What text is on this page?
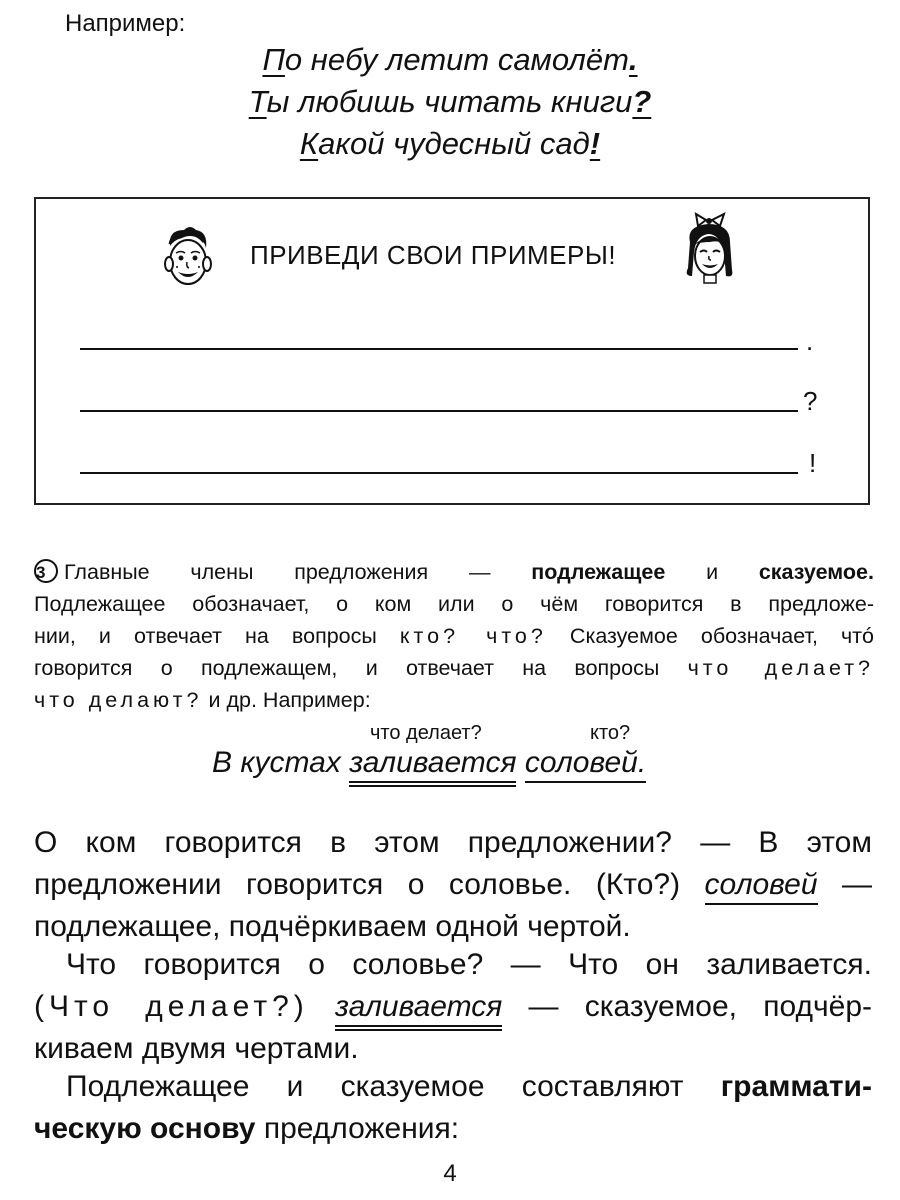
Например:
По небу летит самолёт.
Ты любишь читать книги?
Какой чудесный сад!
ПРИВЕДИ СВОИ ПРИМЕРЫ!
.
?
!
3 Главные члены предложения — подлежащее и сказуемое.
Подлежащее обозначает, о ком или о чём говорится в предложе-
нии, и отвечает на вопросы кто? что? Сказуемое обозначает, чтó
говорится о подлежащем, и отвечает на вопросы что делает?
что делают? и др. Например:
что делает?	кто?
В кустах заливается соловей.
О ком говорится в этом предложении? — В этом
предложении говорится о соловье. (Кто?) соловей —
подлежащее, подчёркиваем одной чертой.
Что говорится о соловье? — Что он заливается.
(Что делает?) заливается — сказуемое, подчёр-
киваем двумя чертами.
Подлежащее и сказуемое составляют граммати-
ческую основу предложения:
4
